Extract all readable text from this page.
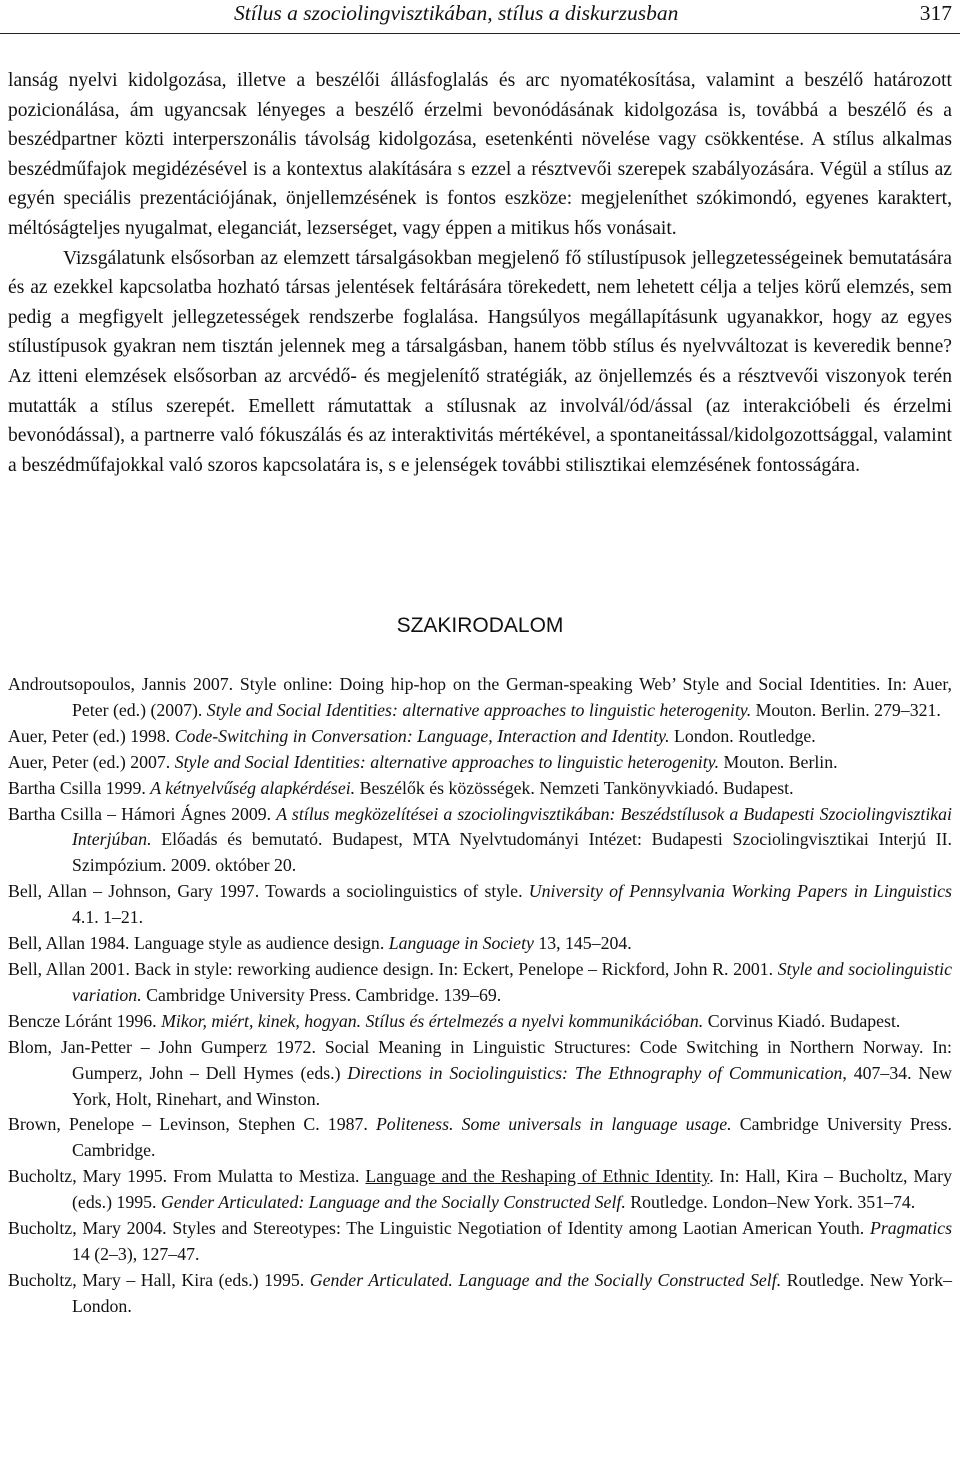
Stílus a szociolingvisztikában, stílus a diskurzusban	317

lanság nyelvi kidolgozása, illetve a beszélői állásfoglalás és arc nyomatékosítása, valamint a beszélő határozott pozicionálása, ám ugyancsak lényeges a beszélő érzelmi bevonódásának kidolgozása is, továbbá a beszélő és a beszédpartner közti interperszonális távolság kidolgozása, esetenkénti növelése vagy csökkentése. A stílus alkalmas beszédműfajok megidézésével is a kontextus alakítására s ezzel a résztvevői szerepek szabályozására. Végül a stílus az egyén speciális prezentációjának, önjellemzésének is fontos eszköze: megjeleníthet szókimondó, egyenes karaktert, méltóságteljes nyugalmat, eleganciát, lezserséget, vagy éppen a mitikus hős vonásait.

Vizsgálatunk elsősorban az elemzett társalgásokban megjelenő fő stílustípusok jellegzetességeinek bemutatására és az ezekkel kapcsolatba hozható társas jelentések feltárására törekedett, nem lehetett célja a teljes körű elemzés, sem pedig a megfigyelt jellegzetességek rendszerbe foglalása. Hangsúlyos megállapításunk ugyanakkor, hogy az egyes stílustípusok gyakran nem tisztán jelennek meg a társalgásban, hanem több stílus és nyelvváltozat is keveredik benne? Az itteni elemzések elsősorban az arcvédő- és megjelenítő stratégiák, az önjellemzés és a résztvevői viszonyok terén mutatták a stílus szerepét. Emellett rámutattak a stílusnak az involvál/ód/ással (az interakcióbeli és érzelmi bevonódással), a partnerre való fókuszálás és az interaktivitás mértékével, a spontaneitással/kidolgozottsággal, valamint a beszédműfajokkal való szoros kapcsolatára is, s e jelenségek további stilisztikai elemzésének fontosságára.

SZAKIRODALOM

Androutsopoulos, Jannis 2007. Style online: Doing hip-hop on the German-speaking Web’ Style and Social Identities. In: Auer, Peter (ed.) (2007). Style and Social Identities: alternative approaches to linguistic heterogenity. Mouton. Berlin. 279–321.

Auer, Peter (ed.) 1998. Code-Switching in Conversation: Language, Interaction and Identity. London. Routledge.

Auer, Peter (ed.) 2007. Style and Social Identities: alternative approaches to linguistic heterogenity. Mouton. Berlin.

Bartha Csilla 1999. A kétnyelvűség alapkérdései. Beszélők és közösségek. Nemzeti Tankönyvkiadó. Budapest.

Bartha Csilla – Hámori Ágnes 2009. A stílus megközelítései a szociolingvisztikában: Beszédstílusok a Budapesti Szociolingvisztikai Interjúban. Előadás és bemutató. Budapest, MTA Nyelvtudományi Intézet: Budapesti Szociolingvisztikai Interjú II. Szimpózium. 2009. október 20.

Bell, Allan – Johnson, Gary 1997. Towards a sociolinguistics of style. University of Pennsylvania Working Papers in Linguistics 4.1. 1–21.

Bell, Allan 1984. Language style as audience design. Language in Society 13, 145–204.

Bell, Allan 2001. Back in style: reworking audience design. In: Eckert, Penelope – Rickford, John R. 2001. Style and sociolinguistic variation. Cambridge University Press. Cambridge. 139–69.

Bencze Lóránt 1996. Mikor, miért, kinek, hogyan. Stílus és értelmezés a nyelvi kommunikációban. Corvinus Kiadó. Budapest.

Blom, Jan-Petter – John Gumperz 1972. Social Meaning in Linguistic Structures: Code Switching in Northern Norway. In: Gumperz, John – Dell Hymes (eds.) Directions in Sociolinguistics: The Ethnography of Communication, 407–34. New York, Holt, Rinehart, and Winston.

Brown, Penelope – Levinson, Stephen C. 1987. Politeness. Some universals in language usage. Cambridge University Press. Cambridge.

Bucholtz, Mary 1995. From Mulatta to Mestiza. Language and the Reshaping of Ethnic Identity. In: Hall, Kira – Bucholtz, Mary (eds.) 1995. Gender Articulated: Language and the Socially Constructed Self. Routledge. London–New York. 351–74.

Bucholtz, Mary 2004. Styles and Stereotypes: The Linguistic Negotiation of Identity among Laotian American Youth. Pragmatics 14 (2–3), 127–47.

Bucholtz, Mary – Hall, Kira (eds.) 1995. Gender Articulated. Language and the Socially Constructed Self. Routledge. New York–London.
